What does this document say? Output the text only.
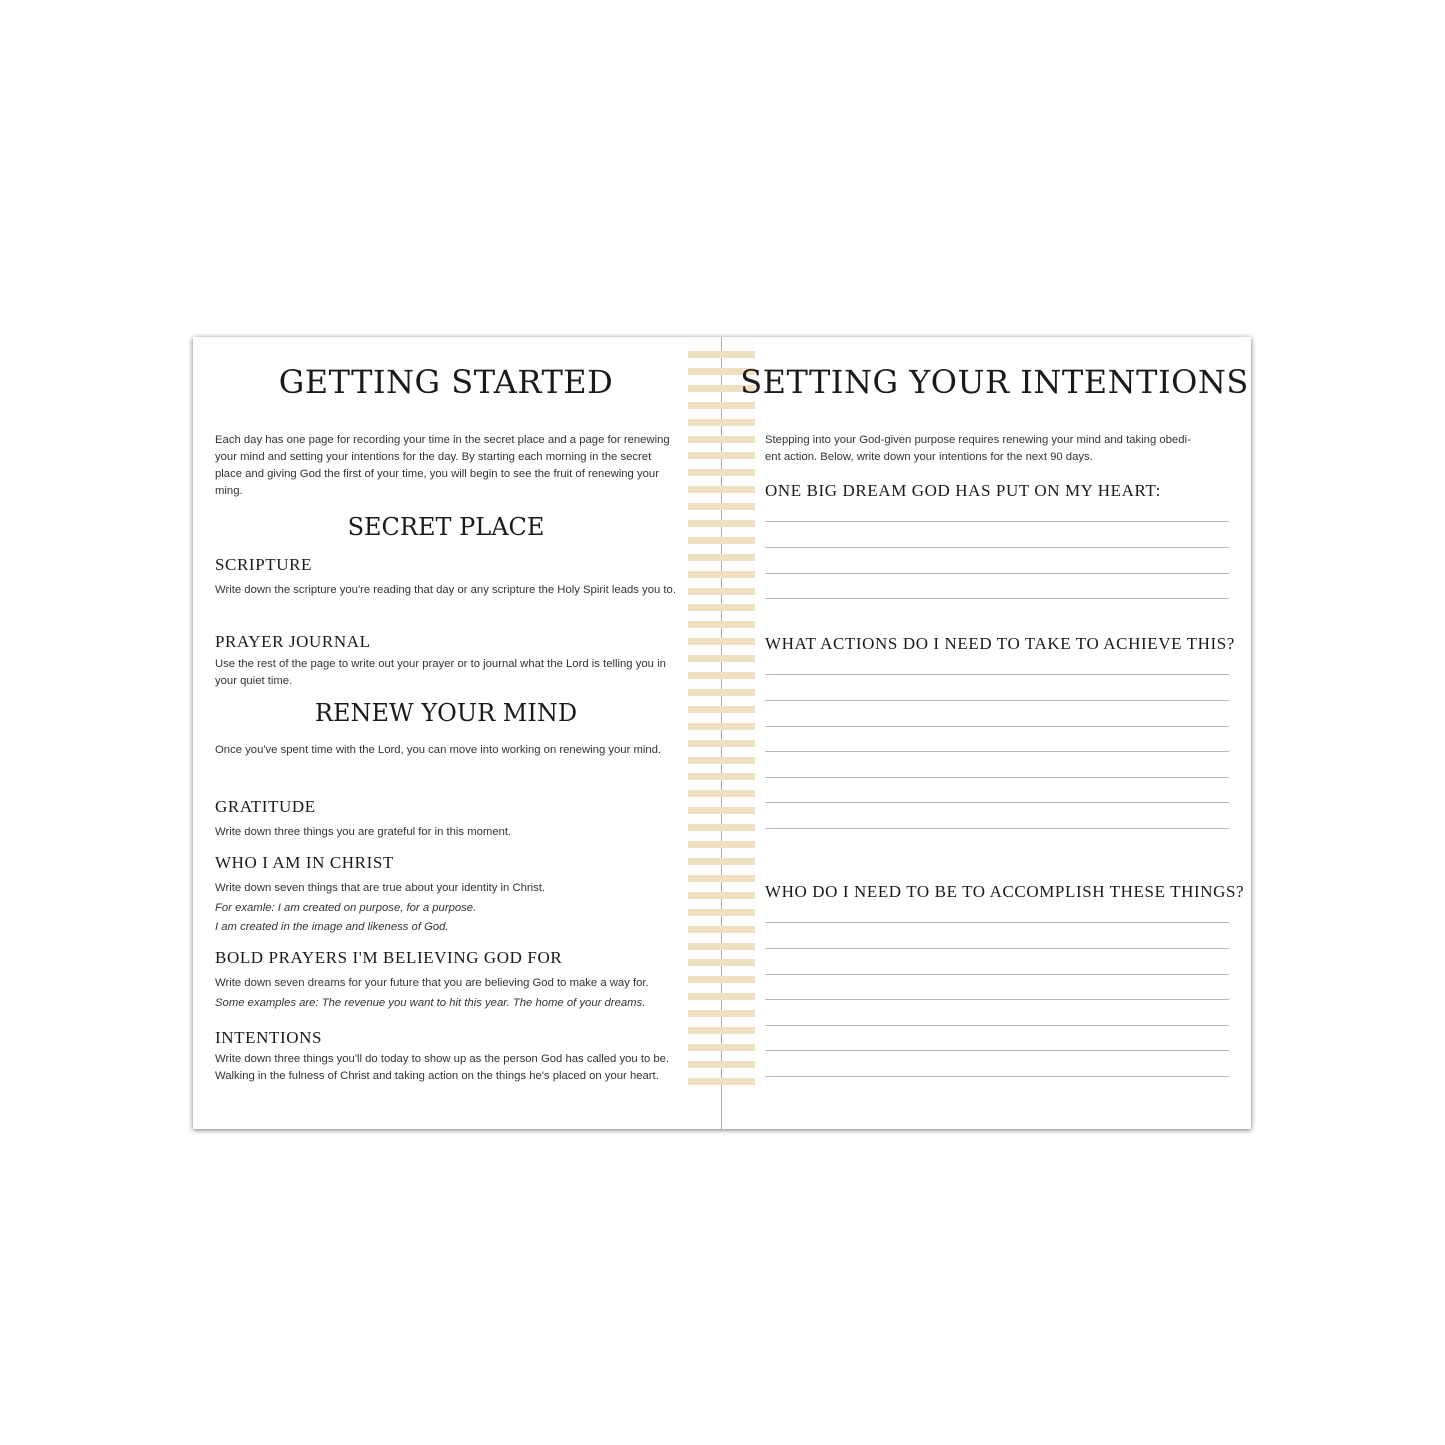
GETTING STARTED

Each day has one page for recording your time in the secret place and a page for renewing your mind and setting your intentions for the day. By starting each morning in the secret place and giving God the first of your time, you will begin to see the fruit of renewing your ming.

SECRET PLACE
SCRIPTURE

Write down the scripture you're reading that day or any scripture the Holy Spirit leads you to.

PRAYER JOURNAL

Use the rest of the page to write out your prayer or to journal what the Lord is telling you in your quiet time.

RENEW YOUR MIND

Once you've spent time with the Lord, you can move into working on renewing your mind.

GRATITUDE

Write down three things you are grateful for in this moment.

WHO I AM IN CHRIST

Write down seven things that are true about your identity in Christ.

For examle: I am created on purpose, for a purpose.

I am created in the image and likeness of God.

BOLD PRAYERS I'M BELIEVING GOD FOR

Write down seven dreams for your future that you are believing God to make a way for.

Some examples are: The revenue you want to hit this year. The home of your dreams.

INTENTIONS

Write down three things you'll do today to show up as the person God has called you to be. Walking in the fulness of Christ and taking action on the things he's placed on your heart.

SETTING YOUR INTENTIONS

Stepping into your God-given purpose requires renewing your mind and taking obedi-

ent action. Below, write down your intentions for the next 90 days.

ONE BIG DREAM GOD HAS PUT ON MY HEART:
WHAT ACTIONS DO I NEED TO TAKE TO ACHIEVE THIS?
WHO DO I NEED TO BE TO ACCOMPLISH THESE THINGS?
